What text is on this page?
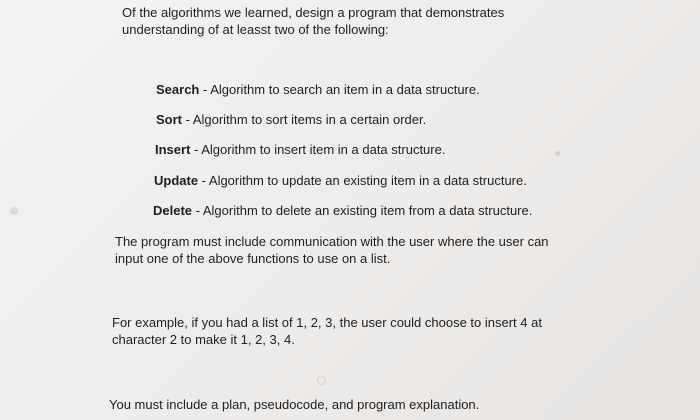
Of the algorithms we learned, design a program that demonstrates
understanding of at leasst two of the following:

Search - Algorithm to search an item in a data structure.

Sort - Algorithm to sort items in a certain order.

Insert - Algorithm to insert item in a data structure.

Update - Algorithm to update an existing item in a data structure.

Delete - Algorithm to delete an existing item from a data structure.

The program must include communication with the user where the user can
input one of the above functions to use on a list.

For example, if you had a list of 1, 2, 3, the user could choose to insert 4 at
character 2 to make it 1, 2, 3, 4.

You must include a plan, pseudocode, and program explanation.
